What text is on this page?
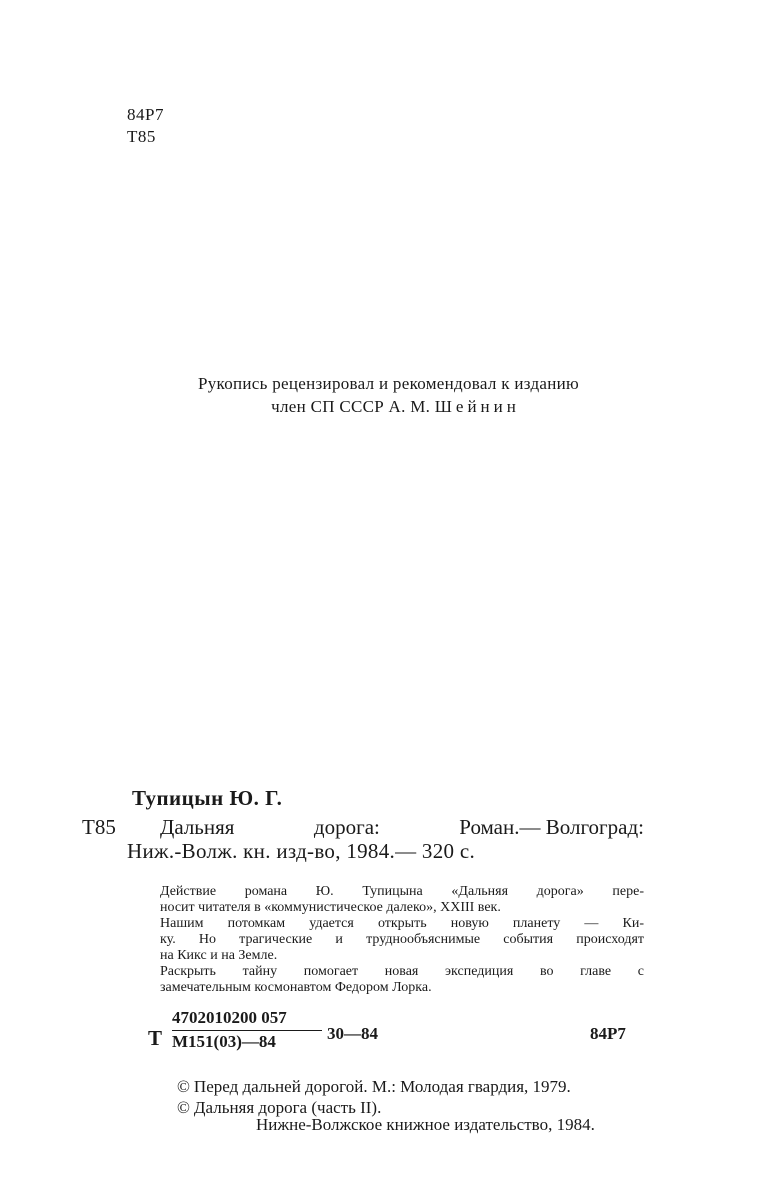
84Р7
Т85
Рукопись рецензировал и рекомендовал к изданию
член СП СССР А. М. Шейнин
Тупицын Ю. Г.
Т85 Дальняя	дорога:	Роман.— Волгоград:
Ниж.-Волж. кн. изд-во, 1984.— 320 с.

Действие романа Ю. Тупицына «Дальняя дорога» пере-

носит читателя в «коммунистическое далеко», XXIII век.

Нашим потомкам удается открыть новую планету — Ки-

ку. Но трагические и труднообъяснимые события происходят

на Кикс и на Земле.

Раскрыть тайну помогает новая экспедиция во главе с

замечательным космонавтом Федором Лорка.

Т
4702010200 057
М151(03)—84	30—84	84Р7
© Перед дальней дорогой. М.: Молодая гвардия, 1979.
© Дальняя дорога (часть II).
Нижне-Волжское книжное издательство, 1984.
